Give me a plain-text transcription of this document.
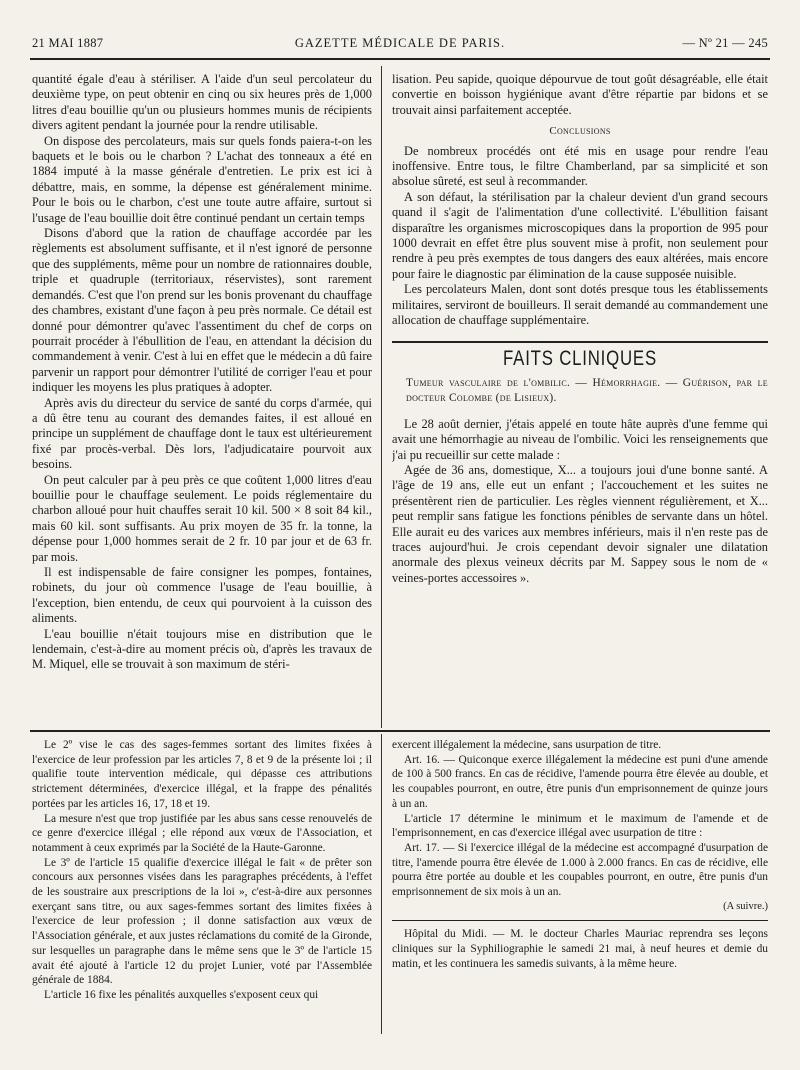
21 MAI 1887	GAZETTE MÉDICALE DE PARIS.	— Nº 21 — 245

quantité égale d'eau à stériliser. A l'aide d'un seul percolateur du deuxième type, on peut obtenir en cinq ou six heures près de 1,000 litres d'eau bouillie qu'un ou plusieurs hommes munis de récipients divers agitent pendant la journée pour la rendre utilisable.

On dispose des percolateurs, mais sur quels fonds paiera-t-on les baquets et le bois ou le charbon ? L'achat des tonneaux a été en 1884 imputé à la masse générale d'entretien. Le prix est ici à débattre, mais, en somme, la dépense est généralement minime. Pour le bois ou le charbon, c'est une toute autre affaire, surtout si l'usage de l'eau bouillie doit être continué pendant un certain temps

Disons d'abord que la ration de chauffage accordée par les règlements est absolument suffisante, et il n'est ignoré de personne que des suppléments, même pour un nombre de rationnaires double, triple et quadruple (territoriaux, réservistes), sont rarement demandés. C'est que l'on prend sur les bonis provenant du chauffage des chambres, existant d'une façon à peu près normale. Ce détail est donné pour démontrer qu'avec l'assentiment du chef de corps on pourrait procéder à l'ébullition de l'eau, en attendant la décision du commandement à venir. C'est à lui en effet que le médecin a dû faire parvenir un rapport pour démontrer l'utilité de corriger l'eau et pour indiquer les moyens les plus pratiques à adopter.

Après avis du directeur du service de santé du corps d'armée, qui a dû être tenu au courant des demandes faites, il est alloué en principe un supplément de chauffage dont le taux est ultérieurement fixé par procès-verbal. Dès lors, l'adjudicataire pourvoit aux besoins.

On peut calculer par à peu près ce que coûtent 1,000 litres d'eau bouillie pour le chauffage seulement. Le poids réglementaire du charbon alloué pour huit chauffes serait 10 kil. 500 × 8 soit 84 kil., mais 60 kil. sont suffisants. Au prix moyen de 35 fr. la tonne, la dépense pour 1,000 hommes serait de 2 fr. 10 par jour et de 63 fr. par mois.

Il est indispensable de faire consigner les pompes, fontaines, robinets, du jour où commence l'usage de l'eau bouillie, à l'exception, bien entendu, de ceux qui pourvoient à la cuisson des aliments.

L'eau bouillie n'était toujours mise en distribution que le lendemain, c'est-à-dire au moment précis où, d'après les travaux de M. Miquel, elle se trouvait à son maximum de stéri-

lisation. Peu sapide, quoique dépourvue de tout goût désagréable, elle était convertie en boisson hygiénique avant d'être répartie par bidons et se trouvait ainsi parfaitement acceptée.

Conclusions

De nombreux procédés ont été mis en usage pour rendre l'eau inoffensive. Entre tous, le filtre Chamberland, par sa simplicité et son absolue sûreté, est seul à recommander.

A son défaut, la stérilisation par la chaleur devient d'un grand secours quand il s'agit de l'alimentation d'une collectivité. L'ébullition faisant disparaître les organismes microscopiques dans la proportion de 995 pour 1000 devrait en effet être plus souvent mise à profit, non seulement pour rendre à peu près exemptes de tous dangers des eaux altérées, mais encore pour faire le diagnostic par élimination de la cause supposée nuisible.

Les percolateurs Malen, dont sont dotés presque tous les établissements militaires, serviront de bouilleurs. Il serait demandé au commandement une allocation de chauffage supplémentaire.

FAITS CLINIQUES

Tumeur vasculaire de l'ombilic. — Hémorrhagie. — Guérison, par le docteur Colombe (de Lisieux).

Le 28 août dernier, j'étais appelé en toute hâte auprès d'une femme qui avait une hémorrhagie au niveau de l'ombilic. Voici les renseignements que j'ai pu recueillir sur cette malade :

Agée de 36 ans, domestique, X... a toujours joui d'une bonne santé. A l'âge de 19 ans, elle eut un enfant ; l'accouchement et les suites ne présentèrent rien de particulier. Les règles viennent régulièrement, et X... peut remplir sans fatigue les fonctions pénibles de servante dans un hôtel. Elle aurait eu des varices aux membres inférieurs, mais il n'en reste pas de traces aujourd'hui. Je crois cependant devoir signaler une dilatation anormale des plexus veineux décrits par M. Sappey sous le nom de « veines-portes accessoires ».

Le 2º vise le cas des sages-femmes sortant des limites fixées à l'exercice de leur profession par les articles 7, 8 et 9 de la présente loi ; il qualifie toute intervention médicale, qui dépasse ces attributions strictement déterminées, d'exercice illégal, et la frappe des pénalités portées par les articles 16, 17, 18 et 19.

La mesure n'est que trop justifiée par les abus sans cesse renouvelés de ce genre d'exercice illégal ; elle répond aux vœux de l'Association, et notamment à ceux exprimés par la Société de la Haute-Garonne.

Le 3º de l'article 15 qualifie d'exercice illégal le fait « de prêter son concours aux personnes visées dans les paragraphes précédents, à l'effet de les soustraire aux prescriptions de la loi », c'est-à-dire aux personnes exerçant sans titre, ou aux sages-femmes sortant des limites fixées à l'exercice de leur profession ; il donne satisfaction aux vœux de l'Association générale, et aux justes réclamations du comité de la Gironde, sur lesquelles un paragraphe dans le même sens que le 3º de l'article 15 avait été ajouté à l'article 12 du projet Lunier, voté par l'Assemblée générale de 1884.

L'article 16 fixe les pénalités auxquelles s'exposent ceux qui

exercent illégalement la médecine, sans usurpation de titre.

Art. 16. — Quiconque exerce illégalement la médecine est puni d'une amende de 100 à 500 francs. En cas de récidive, l'amende pourra être élevée au double, et les coupables pourront, en outre, être punis d'un emprisonnement de quinze jours à un an.

L'article 17 détermine le minimum et le maximum de l'amende et de l'emprisonnement, en cas d'exercice illégal avec usurpation de titre :

Art. 17. — Si l'exercice illégal de la médecine est accompagné d'usurpation de titre, l'amende pourra être élevée de 1.000 à 2.000 francs. En cas de récidive, elle pourra être portée au double et les coupables pourront, en outre, être punis d'un emprisonnement de six mois à un an.

(A suivre.)

Hôpital du Midi. — M. le docteur Charles Mauriac reprendra ses leçons cliniques sur la Syphiliographie le samedi 21 mai, à neuf heures et demie du matin, et les continuera les samedis suivants, à la même heure.
